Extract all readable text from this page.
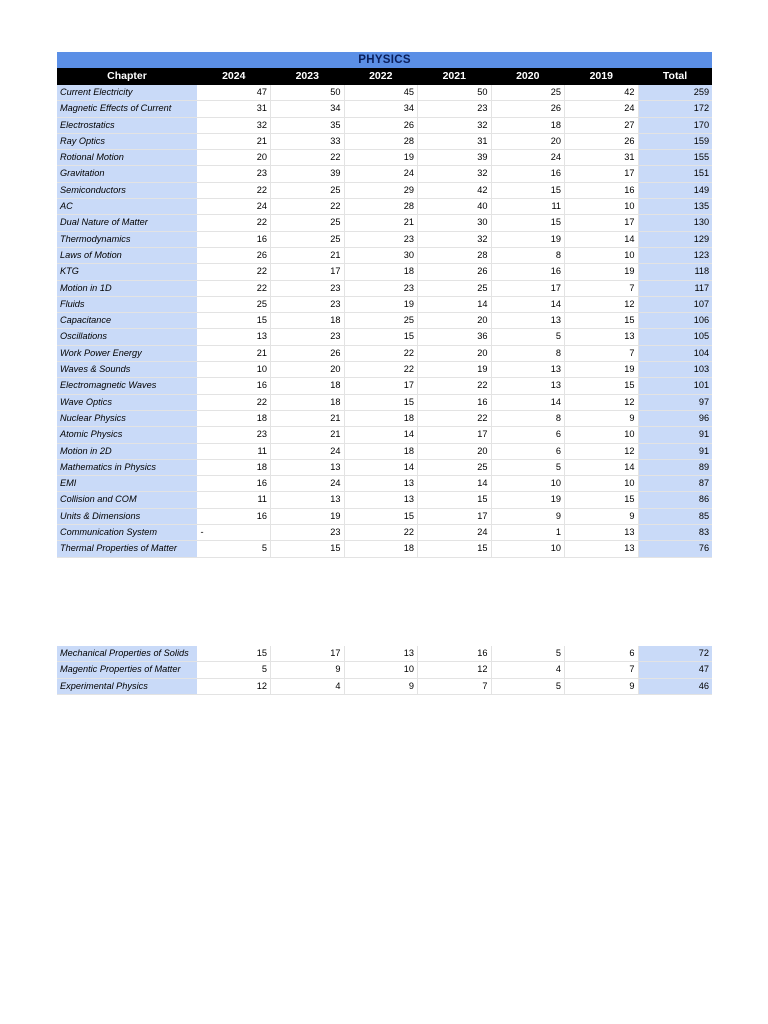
PHYSICS							
Chapter	2024	2023	2022	2021	2020	2019	Total
Current Electricity	47	50	45	50	25	42	259
Magnetic Effects of Current	31	34	34	23	26	24	172
Electrostatics	32	35	26	32	18	27	170
Ray Optics	21	33	28	31	20	26	159
Rotional Motion	20	22	19	39	24	31	155
Gravitation	23	39	24	32	16	17	151
Semiconductors	22	25	29	42	15	16	149
AC	24	22	28	40	11	10	135
Dual Nature of Matter	22	25	21	30	15	17	130
Thermodynamics	16	25	23	32	19	14	129
Laws of Motion	26	21	30	28	8	10	123
KTG	22	17	18	26	16	19	118
Motion in 1D	22	23	23	25	17	7	117
Fluids	25	23	19	14	14	12	107
Capacitance	15	18	25	20	13	15	106
Oscillations	13	23	15	36	5	13	105
Work Power Energy	21	26	22	20	8	7	104
Waves & Sounds	10	20	22	19	13	19	103
Electromagnetic Waves	16	18	17	22	13	15	101
Wave Optics	22	18	15	16	14	12	97
Nuclear Physics	18	21	18	22	8	9	96
Atomic Physics	23	21	14	17	6	10	91
Motion in 2D	11	24	18	20	6	12	91
Mathematics in Physics	18	13	14	25	5	14	89
EMI	16	24	13	14	10	10	87
Collision and COM	11	13	13	15	19	15	86
Units & Dimensions	16	19	15	17	9	9	85
Communication System	-	23	22	24	1	13	83
Thermal Properties of Matter	5	15	18	15	10	13	76
Mechanical Properties of Solids	15	17	13	16	5	6	72
Magentic Properties of Matter	5	9	10	12	4	7	47
Experimental Physics	12	4	9	7	5	9	46
